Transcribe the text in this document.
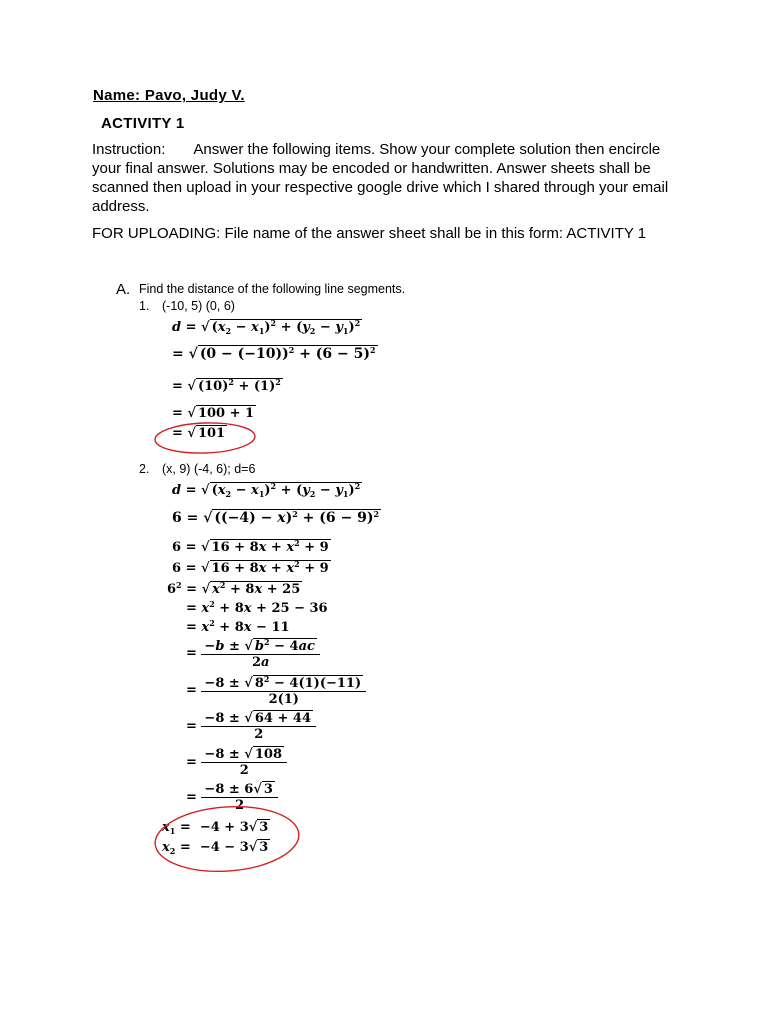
Name: Pavo, Judy V.
ACTIVITY 1
Instruction: Answer the following items. Show your complete solution then encircle your final answer. Solutions may be encoded or handwritten. Answer sheets shall be scanned then upload in your respective google drive which I shared through your email address.
FOR UPLOADING: File name of the answer sheet shall be in this form: ACTIVITY 1
A. Find the distance of the following line segments.
1. (-10, 5) (0, 6)
d = √ $(x_2 - x_1)^2 + (y_2 - y_1)^2$
= √ $(0 - (-10))^2 + (6 - 5)^2$
= √ $(10)^2 + (1)^2$
= √ 100 + 1
= √ 101
2. (x, 9) (-4, 6); d=6
d = √ $(x_2 - x_1)^2 + (y_2 - y_1)^2$
6 = √ $((-4) - x)^2 + (6 - 9)^2$
6 = √ $16 + 8x + x^2 + 9$
6 = √ $16 + 8x + x^2 + 9$
$6^2$ = √ $x^2 + 8x + 25$
= $x^2 + 8x + 25 - 36$
= $x^2 + 8x - 11$
= $\frac{-b \pm √ b^2 - 4ac}{2a}$
= $\frac{-8 \pm √ 8^2 - 4(1)(-11)}{2(1)}$
= $\frac{-8 \pm √ 64 + 44}{2}$
= $\frac{-8 \pm √ 108}{2}$
= $\frac{-8 \pm 6√ 3}{2}$
$x_1 = -4 + 3√$ 3
$x_2 = -4 - 3√$ 3
